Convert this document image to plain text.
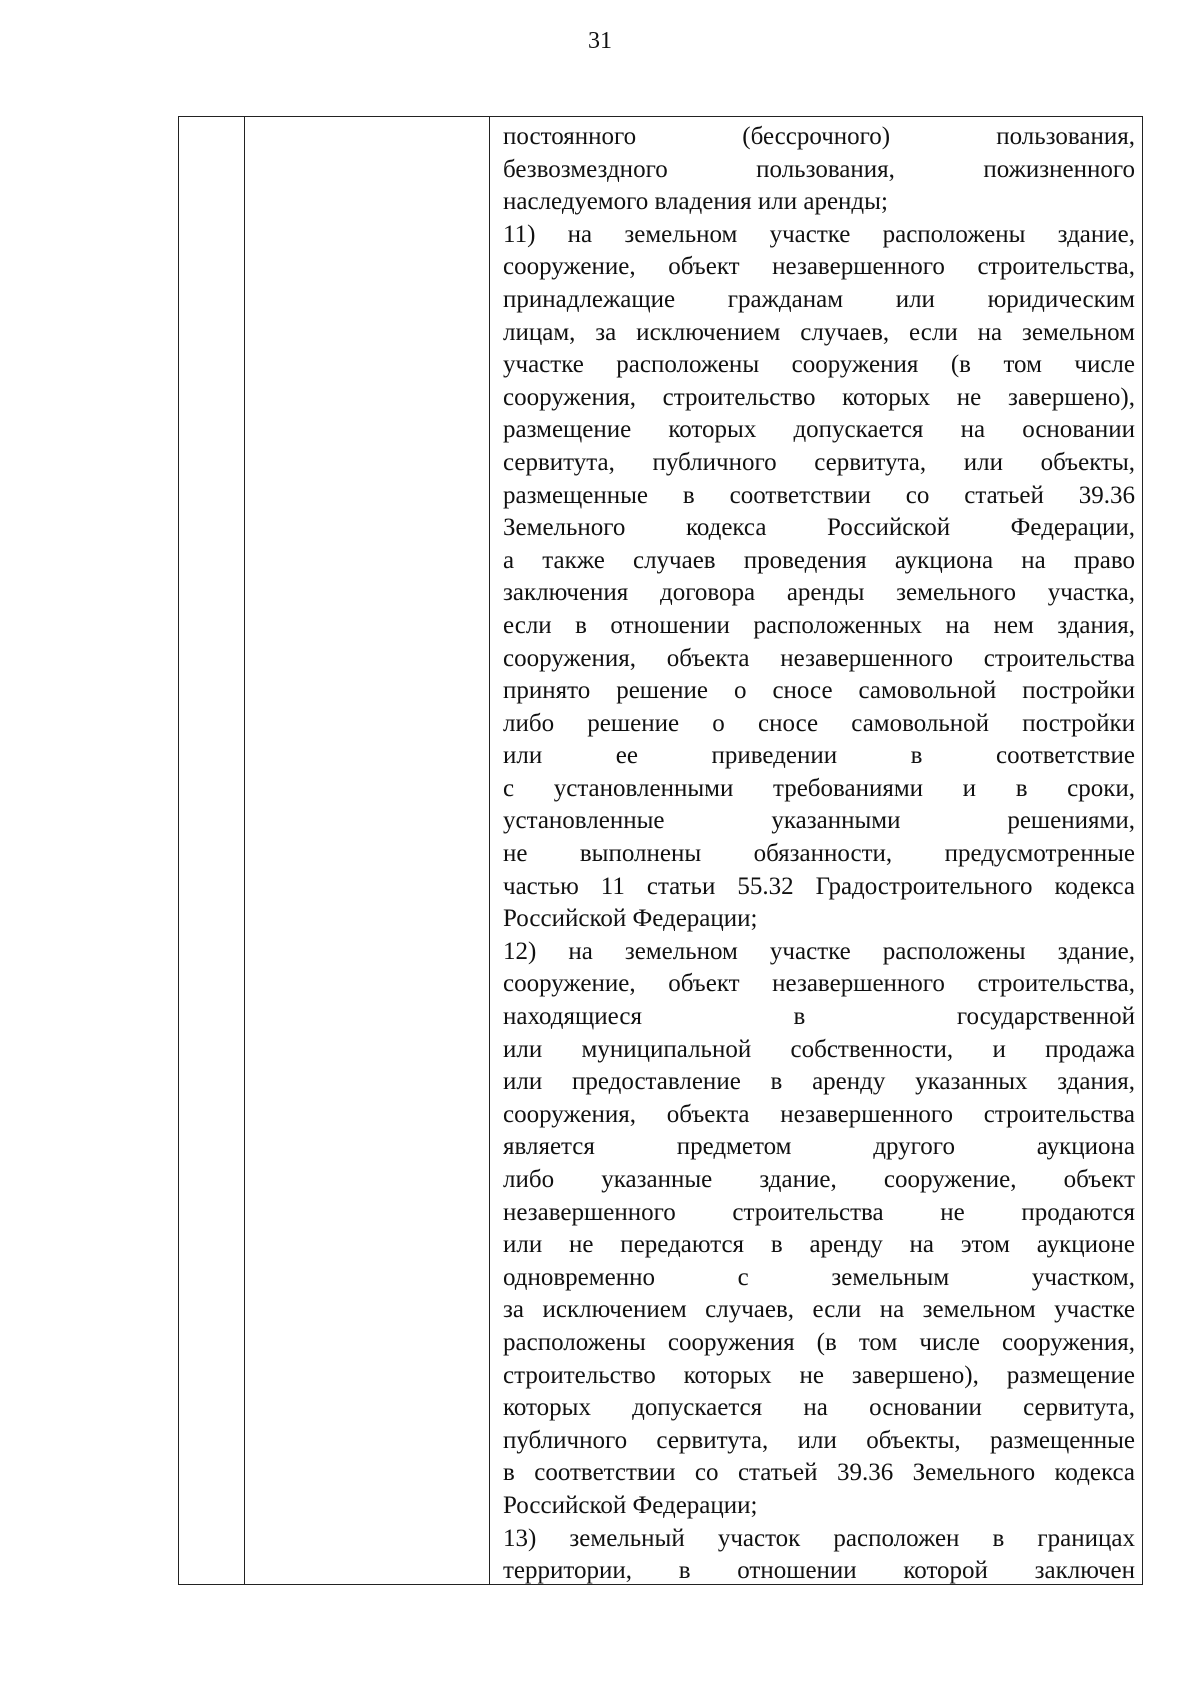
31
постоянного (бессрочного) пользования,
безвозмездного пользования, пожизненного
наследуемого владения или аренды;
11) на земельном участке расположены здание,
сооружение, объект незавершенного строительства,
принадлежащие гражданам или юридическим
лицам, за исключением случаев, если на земельном
участке расположены сооружения (в том числе
сооружения, строительство которых не завершено),
размещение которых допускается на основании
сервитута, публичного сервитута, или объекты,
размещенные в соответствии со статьей 39.36
Земельного кодекса Российской Федерации,
а также случаев проведения аукциона на право
заключения договора аренды земельного участка,
если в отношении расположенных на нем здания,
сооружения, объекта незавершенного строительства
принято решение о сносе самовольной постройки
либо решение о сносе самовольной постройки
или ее приведении в соответствие
с установленными требованиями и в сроки,
установленные указанными решениями,
не выполнены обязанности, предусмотренные
частью 11 статьи 55.32 Градостроительного кодекса
Российской Федерации;
12) на земельном участке расположены здание,
сооружение, объект незавершенного строительства,
находящиеся в государственной
или муниципальной собственности, и продажа
или предоставление в аренду указанных здания,
сооружения, объекта незавершенного строительства
является предметом другого аукциона
либо указанные здание, сооружение, объект
незавершенного строительства не продаются
или не передаются в аренду на этом аукционе
одновременно с земельным участком,
за исключением случаев, если на земельном участке
расположены сооружения (в том числе сооружения,
строительство которых не завершено), размещение
которых допускается на основании сервитута,
публичного сервитута, или объекты, размещенные
в соответствии со статьей 39.36 Земельного кодекса
Российской Федерации;
13) земельный участок расположен в границах
территории, в отношении которой заключен
